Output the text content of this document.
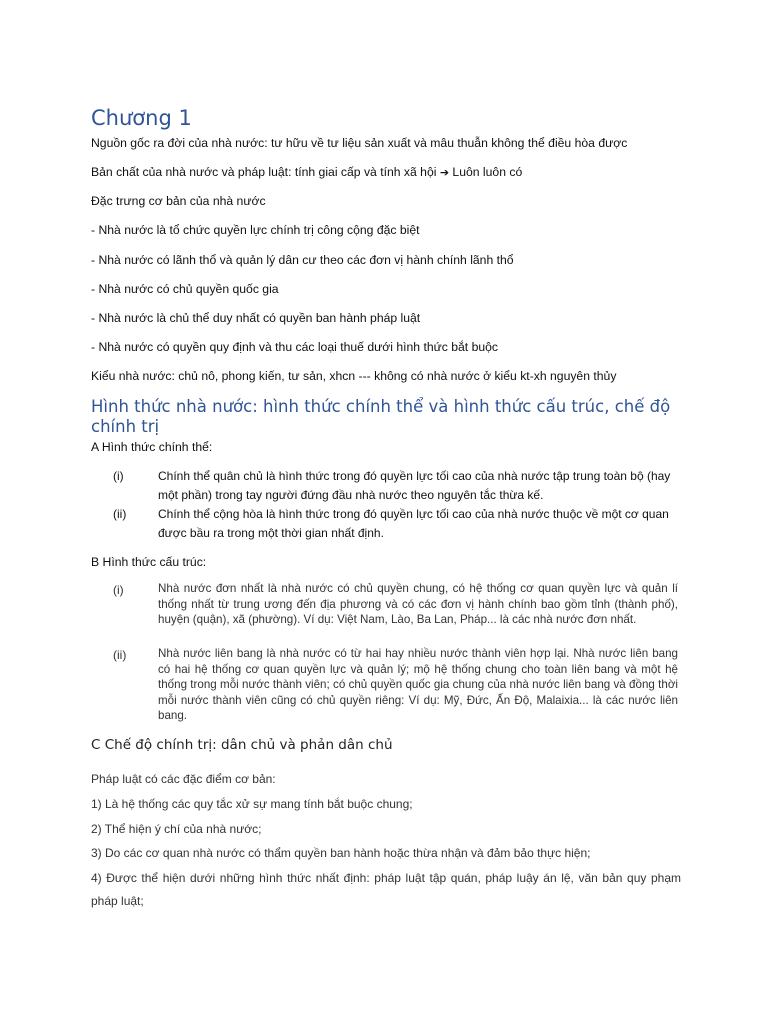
Chương 1
Nguồn gốc ra đời của nhà nước: tư hữu về tư liệu sản xuất và mâu thuẫn không thể điều hòa được
Bản chất của nhà nước và pháp luật: tính giai cấp và tính xã hội ➔ Luôn luôn có
Đặc trưng cơ bản của nhà nước
- Nhà nước là tổ chức quyền lực chính trị công cộng đặc biệt
- Nhà nước có lãnh thổ và quản lý dân cư theo các đơn vị hành chính lãnh thổ
- Nhà nước có chủ quyền quốc gia
- Nhà nước là chủ thể duy nhất có quyền ban hành pháp luật
- Nhà nước có quyền quy định và thu các loại thuế dưới hình thức bắt buộc
Kiểu nhà nước: chủ nô, phong kiến, tư sản, xhcn --- không có nhà nước ở kiểu kt-xh nguyên thủy
Hình thức nhà nước: hình thức chính thể và hình thức cấu trúc, chế độ
chính trị
A Hình thức chính thể:
(i)	Chính thể quân chủ là hình thức trong đó quyền lực tối cao của nhà nước tập trung toàn bộ (hay một phần) trong tay người đứng đầu nhà nước theo nguyên tắc thừa kế.
(ii)	Chính thể cộng hòa là hình thức trong đó quyền lực tối cao của nhà nước thuộc về một cơ quan được bầu ra trong một thời gian nhất định.
B Hình thức cấu trúc:
(i)	Nhà nước đơn nhất là nhà nước có chủ quyền chung, có hệ thống cơ quan quyền lực và quản lí thống nhất từ trung ương đến địa phương và có các đơn vị hành chính bao gồm tỉnh (thành phố), huyện (quận), xã (phường). Ví dụ: Việt Nam, Lào, Ba Lan, Pháp... là các nhà nước đơn nhất.
(ii)	Nhà nước liên bang là nhà nước có từ hai hay nhiều nước thành viên hợp lại. Nhà nước liên bang có hai hệ thống cơ quan quyền lực và quản lý; mộ hệ thống chung cho toàn liên bang và một hệ thống trong mỗi nước thành viên; có chủ quyền quốc gia chung của nhà nước liên bang và đồng thời mỗi nước thành viên cũng có chủ quyền riêng: Ví dụ: Mỹ, Đức, Ấn Độ, Malaixia... là các nước liên bang.
C Chế độ chính trị: dân chủ và phản dân chủ
Pháp luật có các đặc điểm cơ bản:
1) Là hệ thống các quy tắc xử sự mang tính bắt buộc chung;
2) Thể hiện ý chí của nhà nước;
3) Do các cơ quan nhà nước có thẩm quyền ban hành hoặc thừa nhận và đảm bảo thực hiện;
4) Được thể hiện dưới những hình thức nhất định: pháp luật tập quán, pháp luậy án lệ, văn bản quy phạm pháp luật;
